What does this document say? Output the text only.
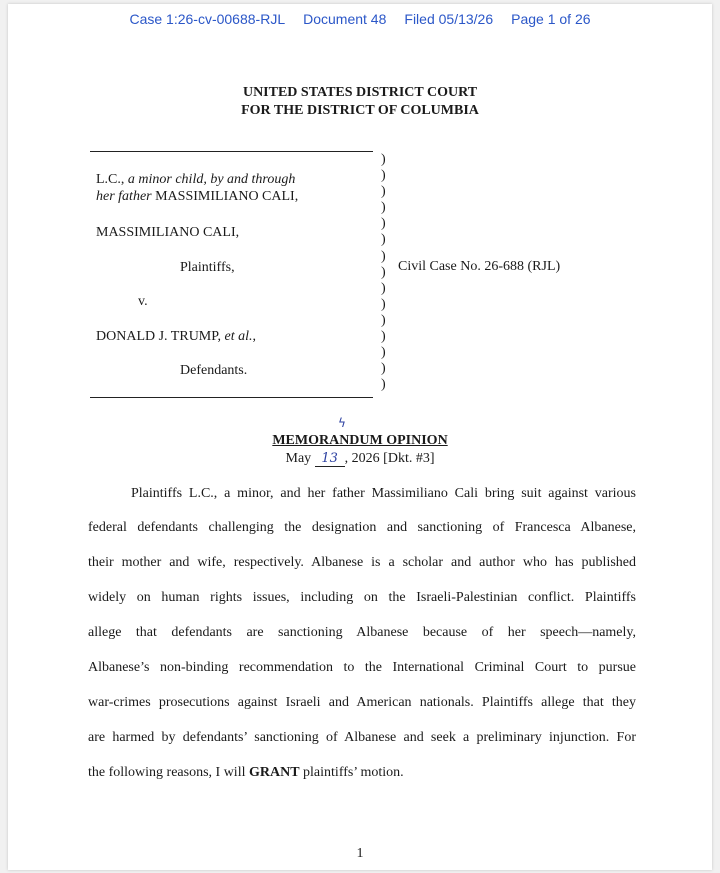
Case 1:26-cv-00688-RJL Document 48 Filed 05/13/26 Page 1 of 26
UNITED STATES DISTRICT COURT
FOR THE DISTRICT OF COLUMBIA
L.C., a minor child, by and through
her father MASSIMILIANO CALI,
MASSIMILIANO CALI,
Plaintiffs,
v.
DONALD J. TRUMP, et al.,
Defendants.
)
)
)
)
)
)
)
)
)
)
)
)
)
)
)
Civil Case No. 26-688 (RJL)
ϟ
MEMORANDUM OPINION
May 13 , 2026 [Dkt. #3]
Plaintiffs L.C., a minor, and her father Massimiliano Cali bring suit against various
federal defendants challenging the designation and sanctioning of Francesca Albanese,
their mother and wife, respectively. Albanese is a scholar and author who has published
widely on human rights issues, including on the Israeli-Palestinian conflict. Plaintiffs
allege that defendants are sanctioning Albanese because of her speech—namely,
Albanese’s non-binding recommendation to the International Criminal Court to pursue
war-crimes prosecutions against Israeli and American nationals. Plaintiffs allege that they
are harmed by defendants’ sanctioning of Albanese and seek a preliminary injunction. For
the following reasons, I will GRANT plaintiffs’ motion.
1
